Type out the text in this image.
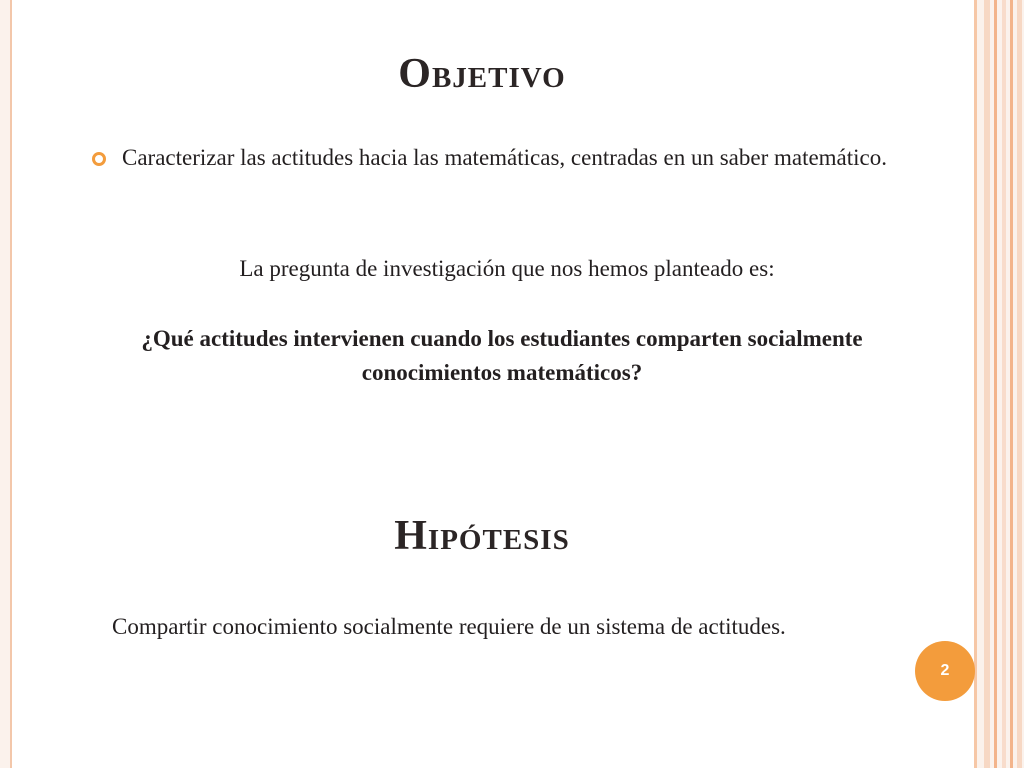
Objetivo
Caracterizar las actitudes hacia las matemáticas, centradas en un saber matemático.
La pregunta de investigación que nos hemos planteado es:
¿Qué actitudes intervienen cuando los estudiantes comparten socialmente conocimientos matemáticos?
Hipótesis
Compartir conocimiento socialmente requiere de un sistema de actitudes.
2
